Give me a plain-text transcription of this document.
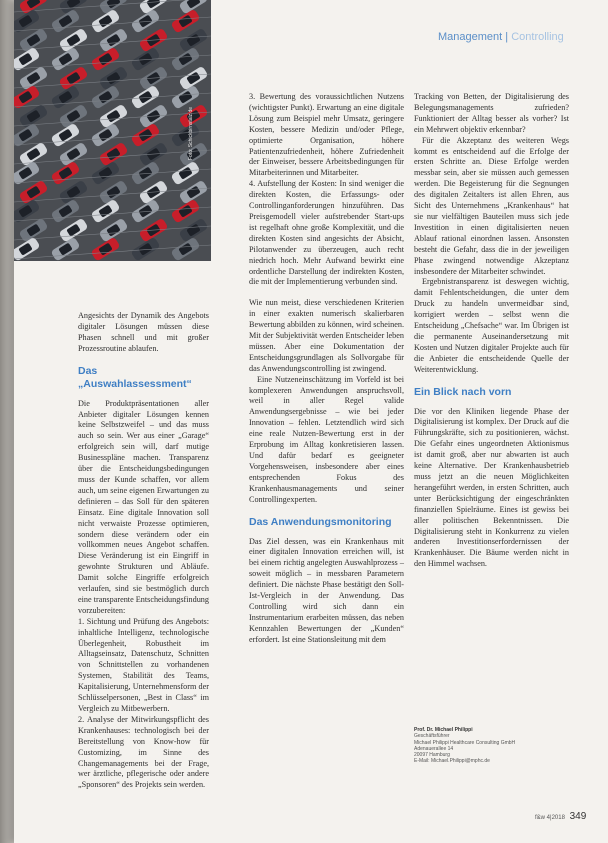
Foto: Schickbirnstalz.de
Management | Controlling

Angesichts der Dynamik des Angebots digitaler Lösungen müssen diese Phasen schnell und mit großer Prozessroutine ablaufen.

Das „Auswahlassessment“

Die Produktpräsentationen aller Anbieter digitaler Lösungen kennen keine Selbstzweifel – und das muss auch so sein. Wer aus einer „Garage“ erfolgreich sein will, darf mutige Businesspläne machen. Transparenz über die Entscheidungsbedingungen muss der Kunde schaffen, vor allem auch, um seine eigenen Erwartungen zu definieren – das Soll für den späteren Einsatz. Eine digitale Innovation soll nicht verwaiste Prozesse optimieren, sondern diese verändern oder ein vollkommen neues Angebot schaffen. Diese Veränderung ist ein Eingriff in gewohnte Strukturen und Abläufe. Damit solche Eingriffe erfolgreich verlaufen, sind sie bestmöglich durch eine transparente Entscheidungsfindung vorzubereiten:

1. Sichtung und Prüfung des Angebots: inhaltliche Intelligenz, technologische Überlegenheit, Robustheit im Alltagseinsatz, Datenschutz, Schnitten von Schnittstellen zu vorhandenen Systemen, Stabilität des Teams, Kapitalisierung, Unternehmensform der Schlüsselpersonen, „Best in Class“ im Vergleich zu Mitbewerbern.

2. Analyse der Mitwirkungspflicht des Krankenhauses: technologisch bei der Bereitstellung von Know-how für Customizing, im Sinne des Changemanagements bei der Frage, wer ärztliche, pflegerische oder andere „Sponsoren“ des Projekts sein werden.

3. Bewertung des voraussichtlichen Nutzens (wichtigster Punkt). Erwartung an eine digitale Lösung zum Beispiel mehr Umsatz, geringere Kosten, bessere Medizin und/oder Pflege, optimierte Organisation, höhere Patientenzufriedenheit, höhere Zufriedenheit der Einweiser, bessere Arbeitsbedingungen für Mitarbeiterinnen und Mitarbeiter.

4. Aufstellung der Kosten: In sind weniger die direkten Kosten, die Erfassungs- oder Controllinganforderungen hinzuführen. Das Preisgemodell vieler aufstrebender Start-ups ist regelhaft ohne große Komplexität, und die direkten Kosten sind angesichts der Absicht, Pilotanwender zu überzeugen, auch recht niedrich hoch. Mehr Aufwand bewirkt eine ordentliche Darstellung der indirekten Kosten, die mit der Implementierung verbunden sind.

Wie nun meist, diese verschiedenen Kriterien in einer exakten numerisch skalierbaren Bewertung abbilden zu können, wird scheinen. Mit der Subjektivität werden Entscheider leben müssen. Aber eine Dokumentation der Entscheidungsgrundlagen als Sollvorgabe für das Anwendungscontrolling ist zwingend.

Eine Nutzeneinschätzung im Vorfeld ist bei komplexeren Anwendungen anspruchsvoll, weil in aller Regel valide Anwendungsergebnisse – wie bei jeder Innovation – fehlen. Letztendlich wird sich eine reale Nutzen-Bewertung erst in der Erprobung im Alltag konkretisieren lassen. Und dafür bedarf es geeigneter Vorgehensweisen, insbesondere aber eines entsprechenden Fokus des Krankenhausmanagements und seiner Controllingexperten.

Das Anwendungsmonitoring

Das Ziel dessen, was ein Krankenhaus mit einer digitalen Innovation erreichen will, ist bei einem richtig angelegten Auswahlprozess – soweit möglich – in messbaren Parametern definiert. Die nächste Phase bestätigt den Soll-Ist-Vergleich in der Anwendung. Das Controlling wird sich dann ein Instrumentarium erarbeiten müssen, das neben Kennzahlen Bewertungen der „Kunden“ erfordert. Ist eine Stationsleitung mit dem

Tracking von Betten, der Digitalisierung des Belegungsmanagements zufrieden? Funktioniert der Alltag besser als vorher? Ist ein Mehrwert objektiv erkennbar?

Für die Akzeptanz des weiteren Wegs kommt es entscheidend auf die Erfolge der ersten Schritte an. Diese Erfolge werden messbar sein, aber sie müssen auch gemessen werden. Die Begeisterung für die Segnungen des digitalen Zeitalters ist allen Ehren, aus Sicht des Unternehmens „Krankenhaus“ hat sie nur vielfältigen Bauteilen muss sich jede Investition in einen digitalisierten neuen Ablauf rational einordnen lassen. Ansonsten besteht die Gefahr, dass die in der jeweiligen Phase zwingend notwendige Akzeptanz insbesondere der Mitarbeiter schwindet.

Ergebnistransparenz ist deswegen wichtig, damit Fehlentscheidungen, die unter dem Druck zu handeln unvermeidbar sind, korrigiert werden – selbst wenn die Entscheidung „Chefsache“ war. Im Übrigen ist die permanente Auseinandersetzung mit Kosten und Nutzen digitaler Projekte auch für die Anbieter die entscheidende Quelle der Weiterentwicklung.

Ein Blick nach vorn

Die vor den Kliniken liegende Phase der Digitalisierung ist komplex. Der Druck auf die Führungskräfte, sich zu positionieren, wächst. Die Gefahr eines ungeordneten Aktionismus ist damit groß, aber nur abwarten ist auch keine Alternative. Der Krankenhausbetrieb muss jetzt an die neuen Möglichkeiten herangeführt werden, in ersten Schritten, auch unter Berücksichtigung der eingeschränkten finanziellen Spielräume. Eines ist gewiss bei aller politischen Bekenntnissen. Die Digitalisierung steht in Konkurrenz zu vielen anderen Investitionserfordernissen der Krankenhäuser. Die Bäume werden nicht in den Himmel wachsen.

Prof. Dr. Michael Philippi
Geschäftsführer
Michael Philippi Healthcare Consulting GmbH
Adenauerallee 14
20097 Hamburg
E-Mail: Michael.Philippi@mphc.de
f&w 4|2018 349
